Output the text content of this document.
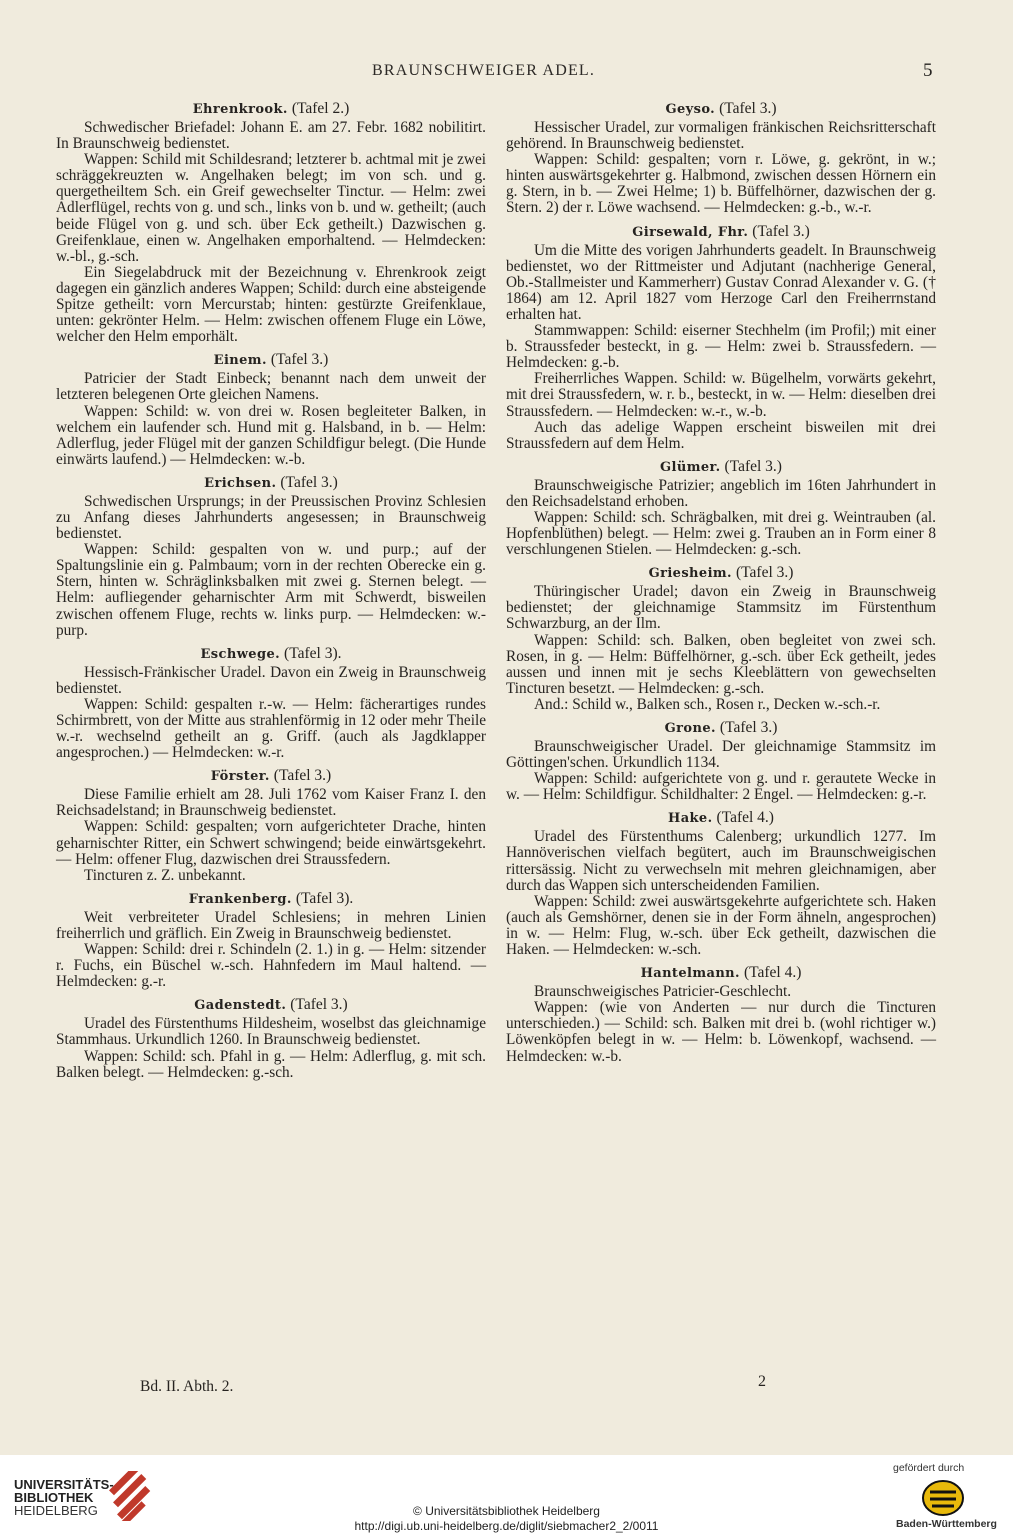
BRAUNSCHWEIGER ADEL.	5
Ehrenkrook. (Tafel 2.)

Schwedischer Briefadel: Johann E. am 27. Febr. 1682 nobilitirt. In Braunschweig bedienstet.

Wappen: Schild mit Schildesrand; letzterer b. achtmal mit je zwei schräggekreuzten w. Angelhaken belegt; im von sch. und g. quergetheiltem Sch. ein Greif gewechselter Tinctur. — Helm: zwei Adlerflügel, rechts von g. und sch., links von b. und w. getheilt; (auch beide Flügel von g. und sch. über Eck getheilt.) Dazwischen g. Greifenklaue, einen w. Angelhaken emporhaltend. — Helmdecken: w.-bl., g.-sch.

Ein Siegelabdruck mit der Bezeichnung v. Ehrenkrook zeigt dagegen ein gänzlich anderes Wappen; Schild: durch eine absteigende Spitze getheilt: vorn Mercurstab; hinten: gestürzte Greifenklaue, unten: gekrönter Helm. — Helm: zwischen offenem Fluge ein Löwe, welcher den Helm emporhält.

Einem. (Tafel 3.)

Patricier der Stadt Einbeck; benannt nach dem unweit der letzteren belegenen Orte gleichen Namens.

Wappen: Schild: w. von drei w. Rosen begleiteter Balken, in welchem ein laufender sch. Hund mit g. Halsband, in b. — Helm: Adlerflug, jeder Flügel mit der ganzen Schildfigur belegt. (Die Hunde einwärts laufend.) — Helmdecken: w.-b.

Erichsen. (Tafel 3.)

Schwedischen Ursprungs; in der Preussischen Provinz Schlesien zu Anfang dieses Jahrhunderts angesessen; in Braunschweig bedienstet.

Wappen: Schild: gespalten von w. und purp.; auf der Spaltungslinie ein g. Palmbaum; vorn in der rechten Oberecke ein g. Stern, hinten w. Schräglinksbalken mit zwei g. Sternen belegt. — Helm: aufliegender geharnischter Arm mit Schwerdt, bisweilen zwischen offenem Fluge, rechts w. links purp. — Helmdecken: w.-purp.

Eschwege. (Tafel 3).

Hessisch-Fränkischer Uradel. Davon ein Zweig in Braunschweig bedienstet.

Wappen: Schild: gespalten r.-w. — Helm: fächerartiges rundes Schirmbrett, von der Mitte aus strahlenförmig in 12 oder mehr Theile w.-r. wechselnd getheilt an g. Griff. (auch als Jagdklapper angesprochen.) — Helmdecken: w.-r.

Förster. (Tafel 3.)

Diese Familie erhielt am 28. Juli 1762 vom Kaiser Franz I. den Reichsadelstand; in Braunschweig bedienstet.

Wappen: Schild: gespalten; vorn aufgerichteter Drache, hinten geharnischter Ritter, ein Schwert schwingend; beide einwärtsgekehrt. — Helm: offener Flug, dazwischen drei Straussfedern.

Tincturen z. Z. unbekannt.

Frankenberg. (Tafel 3).

Weit verbreiteter Uradel Schlesiens; in mehren Linien freiherrlich und gräflich. Ein Zweig in Braunschweig bedienstet.

Wappen: Schild: drei r. Schindeln (2. 1.) in g. — Helm: sitzender r. Fuchs, ein Büschel w.-sch. Hahnfedern im Maul haltend. — Helmdecken: g.-r.

Gadenstedt. (Tafel 3.)

Uradel des Fürstenthums Hildesheim, woselbst das gleichnamige Stammhaus. Urkundlich 1260. In Braunschweig bedienstet.

Wappen: Schild: sch. Pfahl in g. — Helm: Adlerflug, g. mit sch. Balken belegt. — Helmdecken: g.-sch.

Geyso. (Tafel 3.)

Hessischer Uradel, zur vormaligen fränkischen Reichsritterschaft gehörend. In Braunschweig bedienstet.

Wappen: Schild: gespalten; vorn r. Löwe, g. gekrönt, in w.; hinten auswärtsgekehrter g. Halbmond, zwischen dessen Hörnern ein g. Stern, in b. — Zwei Helme; 1) b. Büffelhörner, dazwischen der g. Stern. 2) der r. Löwe wachsend. — Helmdecken: g.-b., w.-r.

Girsewald, Fhr. (Tafel 3.)

Um die Mitte des vorigen Jahrhunderts geadelt. In Braunschweig bedienstet, wo der Rittmeister und Adjutant (nachherige General, Ob.-Stallmeister und Kammerherr) Gustav Conrad Alexander v. G. († 1864) am 12. April 1827 vom Herzoge Carl den Freiherrnstand erhalten hat.

Stammwappen: Schild: eiserner Stechhelm (im Profil;) mit einer b. Straussfeder besteckt, in g. — Helm: zwei b. Straussfedern. — Helmdecken: g.-b.

Freiherrliches Wappen. Schild: w. Bügelhelm, vorwärts gekehrt, mit drei Straussfedern, w. r. b., besteckt, in w. — Helm: dieselben drei Straussfedern. — Helmdecken: w.-r., w.-b.

Auch das adelige Wappen erscheint bisweilen mit drei Straussfedern auf dem Helm.

Glümer. (Tafel 3.)

Braunschweigische Patrizier; angeblich im 16ten Jahrhundert in den Reichsadelstand erhoben.

Wappen: Schild: sch. Schrägbalken, mit drei g. Weintrauben (al. Hopfenblüthen) belegt. — Helm: zwei g. Trauben an in Form einer 8 verschlungenen Stielen. — Helmdecken: g.-sch.

Griesheim. (Tafel 3.)

Thüringischer Uradel; davon ein Zweig in Braunschweig bedienstet; der gleichnamige Stammsitz im Fürstenthum Schwarzburg, an der Ilm.

Wappen: Schild: sch. Balken, oben begleitet von zwei sch. Rosen, in g. — Helm: Büffelhörner, g.-sch. über Eck getheilt, jedes aussen und innen mit je sechs Kleeblättern von gewechselten Tincturen besetzt. — Helmdecken: g.-sch.

And.: Schild w., Balken sch., Rosen r., Decken w.-sch.-r.

Grone. (Tafel 3.)

Braunschweigischer Uradel. Der gleichnamige Stammsitz im Göttingen'schen. Urkundlich 1134.

Wappen: Schild: aufgerichtete von g. und r. gerautete Wecke in w. — Helm: Schildfigur. Schildhalter: 2 Engel. — Helmdecken: g.-r.

Hake. (Tafel 4.)

Uradel des Fürstenthums Calenberg; urkundlich 1277. Im Hannöverischen vielfach begütert, auch im Braunschweigischen rittersässig. Nicht zu verwechseln mit mehren gleichnamigen, aber durch das Wappen sich unterscheidenden Familien.

Wappen: Schild: zwei auswärtsgekehrte aufgerichtete sch. Haken (auch als Gemshörner, denen sie in der Form ähneln, angesprochen) in w. — Helm: Flug, w.-sch. über Eck getheilt, dazwischen die Haken. — Helmdecken: w.-sch.

Hantelmann. (Tafel 4.)

Braunschweigisches Patricier-Geschlecht.

Wappen: (wie von Anderten — nur durch die Tincturen unterschieden.) — Schild: sch. Balken mit drei b. (wohl richtiger w.) Löwenköpfen belegt in w. — Helm: b. Löwenkopf, wachsend. — Helmdecken: w.-b.

Bd. II. Abth. 2.	2
UNIVERSITÄTS-
BIBLIOTHEK
HEIDELBERG	© Universitätsbibliothek Heidelberg
http://digi.ub.uni-heidelberg.de/diglit/siebmacher2_2/0011
gefördert durch
Baden-Württemberg
